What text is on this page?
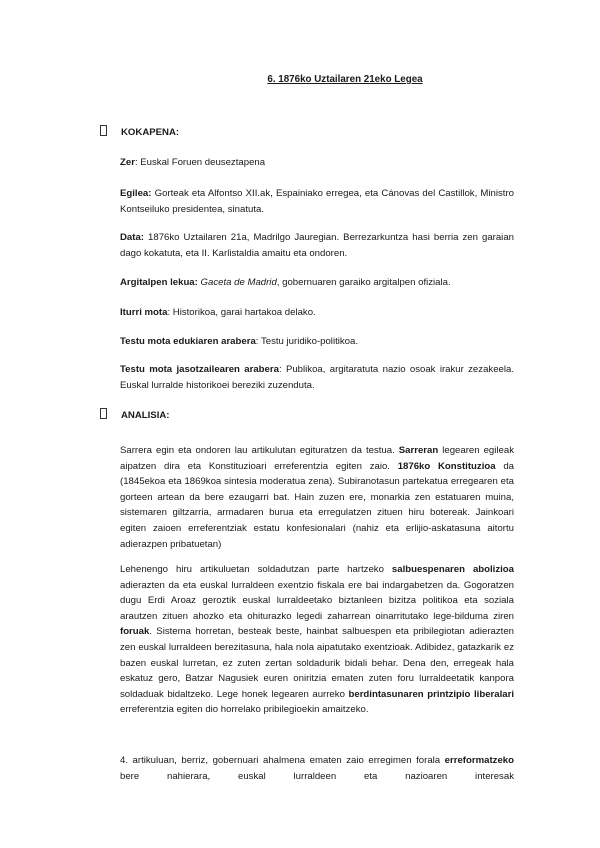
6. 1876ko Uztailaren 21eko Legea
KOKAPENA:
Zer: Euskal Foruen deuseztapena
Egilea: Gorteak eta Alfontso XII.ak, Espainiako erregea, eta Cánovas del Castillok, Ministro Kontseiluko presidentea, sinatuta.
Data: 1876ko Uztailaren 21a, Madrilgo Jauregian. Berrezarkuntza hasi berria zen garaian dago kokatuta, eta II. Karlistaldia amaitu eta ondoren.
Argitalpen lekua: Gaceta de Madrid, gobernuaren garaiko argitalpen ofiziala.
Iturri mota: Historikoa, garai hartakoa delako.
Testu mota edukiaren arabera: Testu juridiko-politikoa.
Testu mota jasotzailearen arabera: Publikoa, argitaratuta nazio osoak irakur zezakeela. Euskal lurralde historikoei bereziki zuzenduta.
ANALISIA:
Sarrera egin eta ondoren lau artikulutan egituratzen da testua. Sarreran legearen egileak aipatzen dira eta Konstituzioari erreferentzia egiten zaio. 1876ko Konstituzioa da (1845ekoa eta 1869koa sintesia moderatua zena). Subiranotasun partekatua erregearen eta gorteen artean da bere ezaugarri bat. Hain zuzen ere, monarkia zen estatuaren muina, sistemaren giltzarria, armadaren burua eta erregulatzen zituen hiru botereak. Jainkoari egiten zaioen erreferentziak estatu konfesionalari (nahiz eta erlijio-askatasuna aitortu adierazpen pribatuetan)
Lehenengo hiru artikuluetan soldadutzan parte hartzeko salbuespenaren abolizioa adierazten da eta euskal lurraldeen exentzio fiskala ere bai indargabetzen da. Gogoratzen dugu Erdi Aroaz geroztik euskal lurraldeetako biztanleen bizitza politikoa eta soziala arautzen zituen ahozko eta ohiturazko legedi zaharrean oinarritutako lege-bilduma ziren foruak. Sistema horretan, besteak beste, hainbat salbuespen eta pribilegiotan adierazten zen euskal lurraldeen berezitasuna, hala nola aipatutako exentzioak. Adibidez, gatazkarik ez bazen euskal lurretan, ez zuten zertan soldadurik bidali behar. Dena den, erregeak hala eskatuz gero, Batzar Nagusiek euren oniritzia ematen zuten foru lurraldeetatik kanpora soldaduak bidaltzeko. Lege honek legearen aurreko berdintasunaren printzipio liberalari erreferentzia egiten dio horrelako pribilegioekin amaitzeko.
4. artikuluan, berriz, gobernuari ahalmena ematen zaio erregimen forala erreformatzeko bere nahierara, euskal lurraldeen eta nazioaren interesak
